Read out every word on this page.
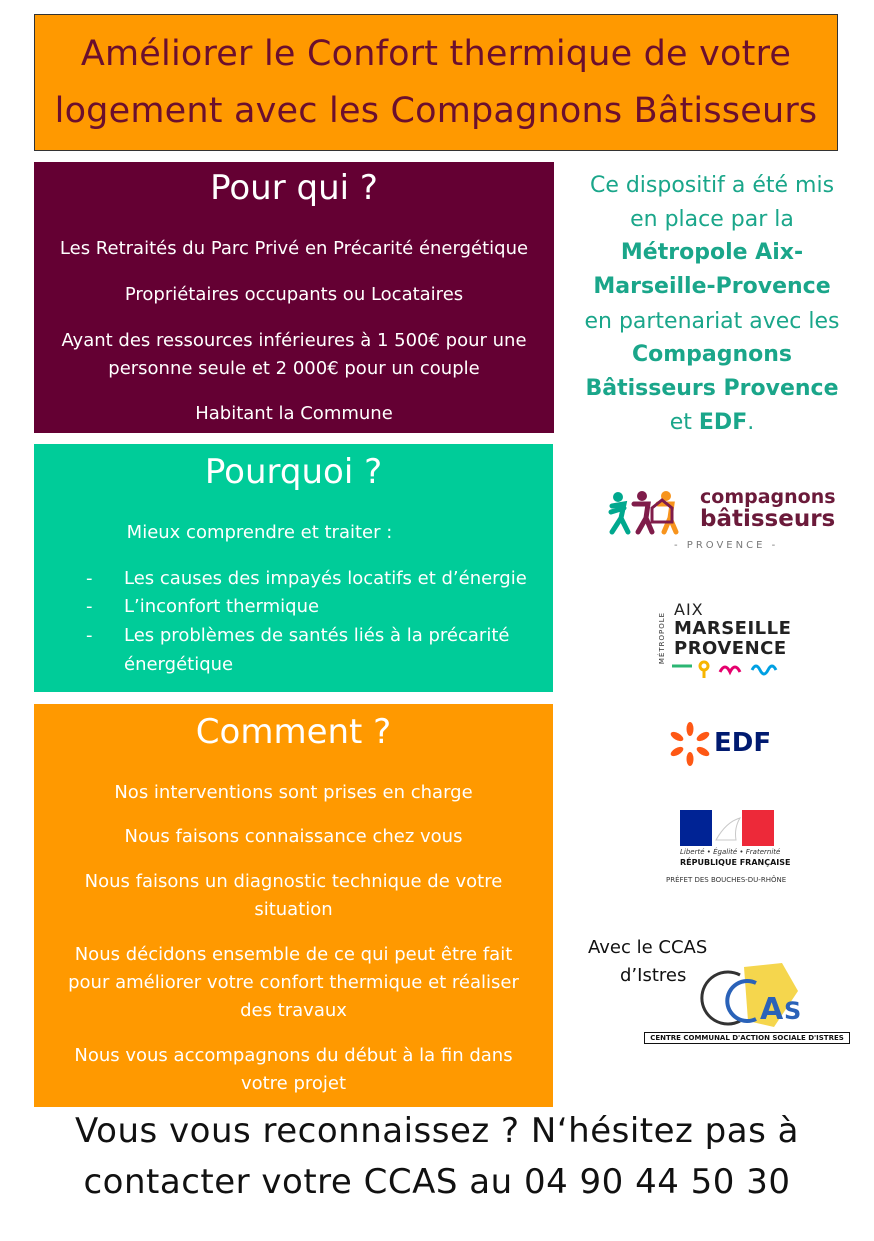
Améliorer le Confort thermique de votre
logement avec les Compagnons Bâtisseurs
Pour qui ?
Les Retraités du Parc Privé en Précarité énergétique
Propriétaires occupants ou Locataires
Ayant des ressources inférieures à 1 500€ pour une
personne seule et 2 000€ pour un couple
Habitant la Commune
Pourquoi ?
Mieux comprendre et traiter :
- Les causes des impayés locatifs et d’énergie
- L’inconfort thermique
- Les problèmes de santés liés à la précarité
énergétique
Comment ?
Nos interventions sont prises en charge
Nous faisons connaissance chez vous
Nous faisons un diagnostic technique de votre
situation
Nous décidons ensemble de ce qui peut être fait
pour améliorer votre confort thermique et réaliser
des travaux
Nous vous accompagnons du début à la fin dans
votre projet
Ce dispositif a été mis
en place par la
Métropole Aix-
Marseille-Provence
en partenariat avec les
Compagnons
Bâtisseurs Provence
et EDF.
compagnons
bâtisseurs
- PROVENCE -
MÉTROPOLE
AIX
MARSEILLE
PROVENCE
EDF
Liberté • Égalité • Fraternité
RÉPUBLIQUE FRANÇAISE
PRÉFET DES BOUCHES-DU-RHÔNE
Avec le CCAS
d’Istres
A S
CENTRE COMMUNAL D'ACTION SOCIALE D'ISTRES
Vous vous reconnaissez ? N‘hésitez pas à
contacter votre CCAS au 04 90 44 50 30
